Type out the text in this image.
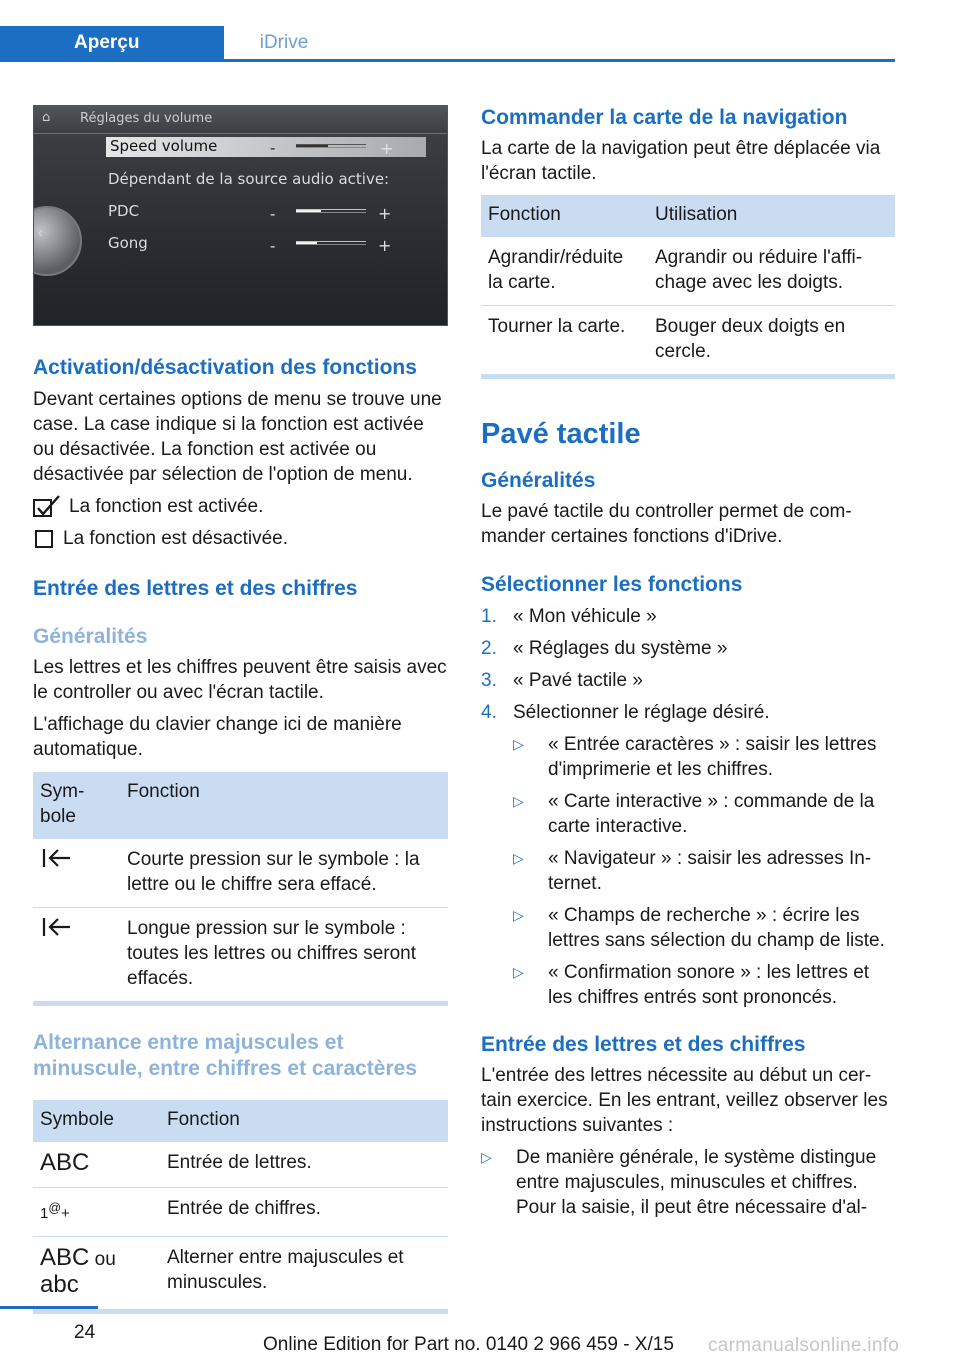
Aperçu	iDrive
⌂	Réglages du volume
Speed volume	-	+
Dépendant de la source audio active:
PDC	-	+
Gong	-	+
‹
Activation/désactivation des fonctions

Devant certaines options de menu se trouve une case. La case indique si la fonction est activée ou désactivée. La fonction est activée ou désactivée par sélection de l'option de menu.

La fonction est activée.
La fonction est désactivée.
Entrée des lettres et des chiffres
Généralités

Les lettres et les chiffres peuvent être saisis avec le controller ou avec l'écran tactile.

L'affichage du clavier change ici de manière automatique.

Sym-bole	Fonction

	Courte pression sur le symbole : la lettre ou le chiffre sera effacé.

	Longue pression sur le symbole : toutes les lettres ou chiffres seront effacés.
Alternance entre majuscules et minuscule, entre chiffres et caractères
Symbole	Fonction
ABC	Entrée de lettres.
1@+	Entrée de chiffres.
ABC ou
abc	Alterner entre majuscules et minuscules.
Commander la carte de la navigation

La carte de la navigation peut être déplacée via l'écran tactile.

Fonction	Utilisation
Agrandir/réduite la carte.	Agrandir ou réduire l'affi-chage avec les doigts.
Tourner la carte.	Bouger deux doigts en cercle.
Pavé tactile
Généralités

Le pavé tactile du controller permet de com-mander certaines fonctions d'iDrive.

Sélectionner les fonctions
1. « Mon véhicule »
2. « Réglages du système »
3. « Pavé tactile »
4. Sélectionner le réglage désiré.
▷	« Entrée caractères » : saisir les lettres d'imprimerie et les chiffres.
▷	« Carte interactive » : commande de la carte interactive.
▷	« Navigateur » : saisir les adresses In-ternet.
▷	« Champs de recherche » : écrire les lettres sans sélection du champ de liste.
▷	« Confirmation sonore » : les lettres et les chiffres entrés sont prononcés.
Entrée des lettres et des chiffres

L'entrée des lettres nécessite au début un cer-tain exercice. En les entrant, veillez observer les instructions suivantes :

▷	De manière générale, le système distingue entre majuscules, minuscules et chiffres. Pour la saisie, il peut être nécessaire d'al-
24
Online Edition for Part no. 0140 2 966 459 - X/15 carmanualsonline.info
